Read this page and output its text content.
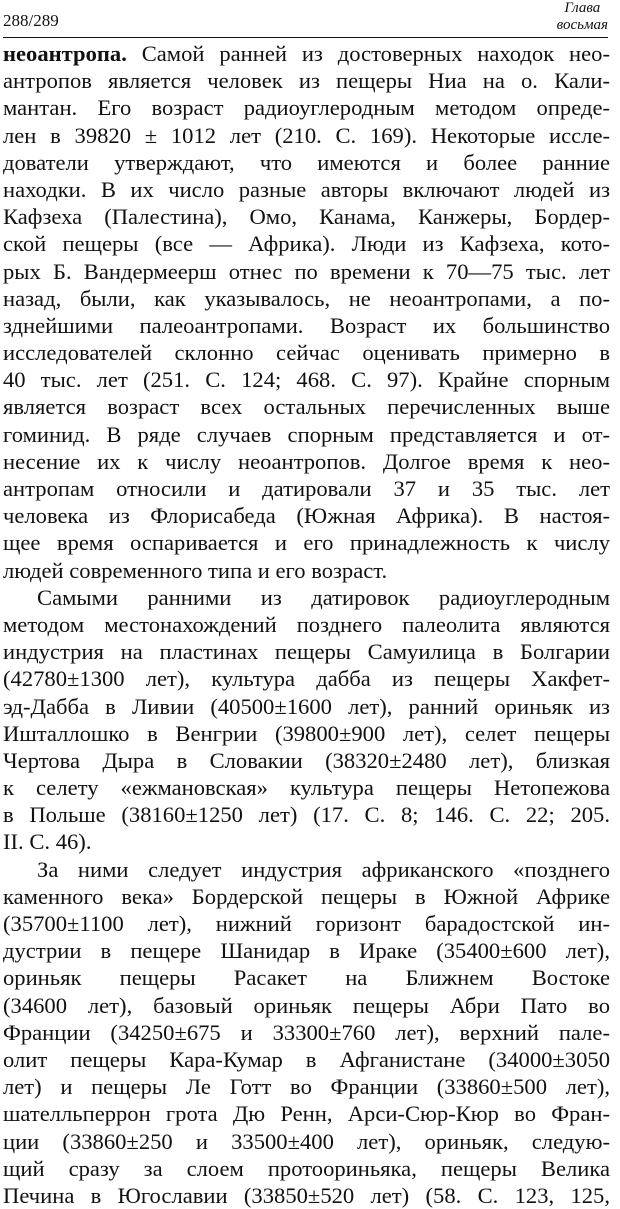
288/289
Глава
восьмая
неоантропа. Самой ранней из достоверных находок нео-
антропов является человек из пещеры Ниа на о. Кали-
мантан. Его возраст радиоуглеродным методом опреде-
лен в 39820 ± 1012 лет (210. С. 169). Некоторые иссле-
дователи утверждают, что имеются и более ранние
находки. В их число разные авторы включают людей из
Кафзеха (Палестина), Омо, Канама, Канжеры, Бордер-
ской пещеры (все — Африка). Люди из Кафзеха, кото-
рых Б. Вандермеерш отнес по времени к 70—75 тыс. лет
назад, были, как указывалось, не неоантропами, а по-
зднейшими палеоантропами. Возраст их большинство
исследователей склонно сейчас оценивать примерно в
40 тыс. лет (251. С. 124; 468. С. 97). Крайне спорным
является возраст всех остальных перечисленных выше
гоминид. В ряде случаев спорным представляется и от-
несение их к числу неоантропов. Долгое время к нео-
антропам относили и датировали 37 и 35 тыс. лет
человека из Флорисабеда (Южная Африка). В настоя-
щее время оспаривается и его принадлежность к числу
людей современного типа и его возраст.
Самыми ранними из датировок радиоуглеродным
методом местонахождений позднего палеолита являются
индустрия на пластинах пещеры Самуилица в Болгарии
(42780±1300 лет), культура дабба из пещеры Хакфет-
эд-Дабба в Ливии (40500±1600 лет), ранний ориньяк из
Ишталлошко в Венгрии (39800±900 лет), селет пещеры
Чертова Дыра в Словакии (38320±2480 лет), близкая
к селету «ежмановская» культура пещеры Нетопежова
в Польше (38160±1250 лет) (17. С. 8; 146. С. 22; 205.
II. С. 46).
За ними следует индустрия африканского «позднего
каменного века» Бордерской пещеры в Южной Африке
(35700±1100 лет), нижний горизонт барадостской ин-
дустрии в пещере Шанидар в Ираке (35400±600 лет),
ориньяк пещеры Расакет на Ближнем Востоке
(34600 лет), базовый ориньяк пещеры Абри Пато во
Франции (34250±675 и 33300±760 лет), верхний пале-
олит пещеры Кара-Кумар в Афганистане (34000±3050
лет) и пещеры Ле Готт во Франции (33860±500 лет),
шателльперрон грота Дю Ренн, Арси-Сюр-Кюр во Фран-
ции (33860±250 и 33500±400 лет), ориньяк, следую-
щий сразу за слоем протоориньяка, пещеры Велика
Печина в Югославии (33850±520 лет) (58. С. 123, 125,
